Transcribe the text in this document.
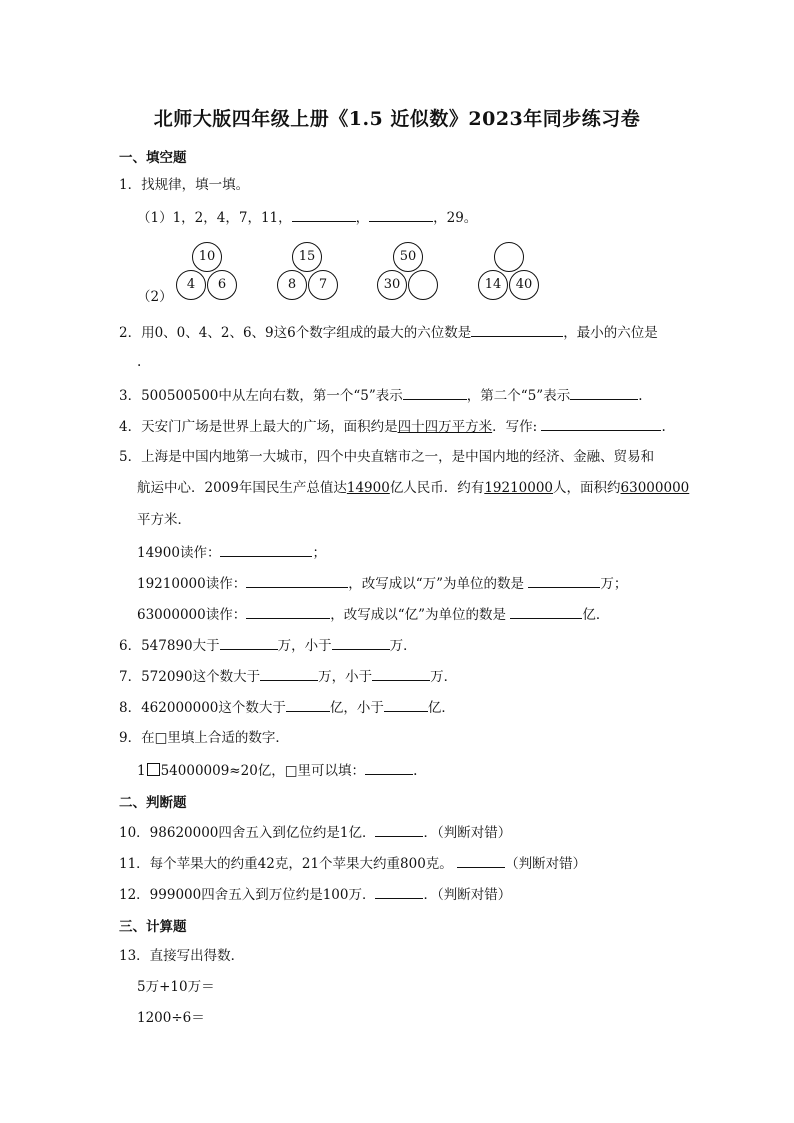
北师大版四年级上册《1.5 近似数》2023年同步练习卷
一、填空题
1．找规律，填一填。
（1）1，2，4，7，11，	，	，29。
（2）
10
4	6
15
8	7
50
30	14	40
2．用0、0、4、2、6、9这6个数字组成的最大的六位数是	，最小的六位是
.
3．500500500中从左向右数，第一个“5”表示	，第二个“5”表示	.
4．天安门广场是世界上最大的广场，面积约是四十四万平方米．写作:	.
5．上海是中国内地第一大城市，四个中央直辖市之一，是中国内地的经济、金融、贸易和
航运中心．2009年国民生产总值达14900亿人民币．约有19210000人，面积约63000000
平方米．
14900读作：	；
19210000读作：	，改写成以“万”为单位的数是	万；
63000000读作：	，改写成以“亿”为单位的数是	亿．
6．547890大于	万，小于	万．
7．572090这个数大于	万，小于	万．
8．462000000这个数大于	亿，小于	亿．
9．在□里填上合适的数字．
1 54000009≈20亿，□里可以填：	.
二、判断题
10．98620000四舍五入到亿位约是1亿．	．（判断对错）
11．每个苹果大的约重42克，21个苹果大约重800克。	（判断对错）
12．999000四舍五入到万位约是100万．	．（判断对错）
三、计算题
13．直接写出得数．
5万+10万＝
1200÷6＝
